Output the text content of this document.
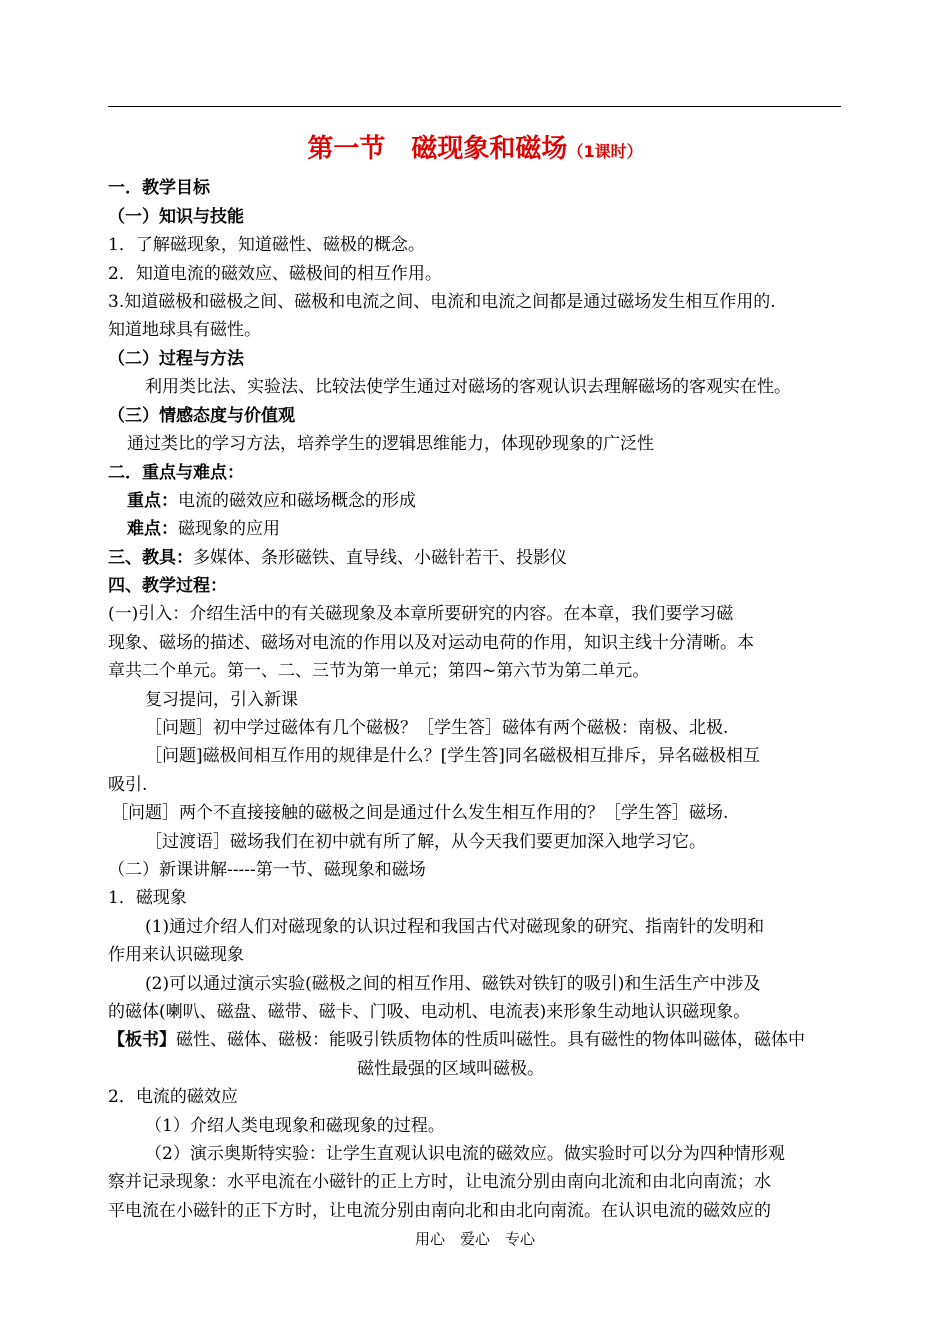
第一节　磁现象和磁场（1课时）
一．教学目标
（一）知识与技能
1．了解磁现象，知道磁性、磁极的概念。
2．知道电流的磁效应、磁极间的相互作用。
3.知道磁极和磁极之间、磁极和电流之间、电流和电流之间都是通过磁场发生相互作用的.
知道地球具有磁性。
（二）过程与方法
利用类比法、实验法、比较法使学生通过对磁场的客观认识去理解磁场的客观实在性。
（三）情感态度与价值观
通过类比的学习方法，培养学生的逻辑思维能力，体现砂现象的广泛性
二．重点与难点：
重点：电流的磁效应和磁场概念的形成
难点：磁现象的应用
三、教具：多媒体、条形磁铁、直导线、小磁针若干、投影仪
四、教学过程：
(一)引入：介绍生活中的有关磁现象及本章所要研究的内容。在本章，我们要学习磁
现象、磁场的描述、磁场对电流的作用以及对运动电荷的作用，知识主线十分清晰。本
章共二个单元。第一、二、三节为第一单元；第四~第六节为第二单元。
复习提问，引入新课
［问题］初中学过磁体有几个磁极？［学生答］磁体有两个磁极：南极、北极.
［问题]磁极间相互作用的规律是什么？[学生答]同名磁极相互排斥，异名磁极相互
吸引.
［问题］两个不直接接触的磁极之间是通过什么发生相互作用的？［学生答］磁场.
［过渡语］磁场我们在初中就有所了解，从今天我们要更加深入地学习它。
（二）新课讲解-----第一节、磁现象和磁场
1．磁现象
(1)通过介绍人们对磁现象的认识过程和我国古代对磁现象的研究、指南针的发明和
作用来认识磁现象
(2)可以通过演示实验(磁极之间的相互作用、磁铁对铁钉的吸引)和生活生产中涉及
的磁体(喇叭、磁盘、磁带、磁卡、门吸、电动机、电流表)来形象生动地认识磁现象。
【板书】磁性、磁体、磁极：能吸引铁质物体的性质叫磁性。具有磁性的物体叫磁体，磁体中
磁性最强的区域叫磁极。
2．电流的磁效应
（1）介绍人类电现象和磁现象的过程。
（2）演示奥斯特实验：让学生直观认识电流的磁效应。做实验时可以分为四种情形观
察并记录现象：水平电流在小磁针的正上方时，让电流分别由南向北流和由北向南流；水
平电流在小磁针的正下方时，让电流分别由南向北和由北向南流。在认识电流的磁效应的
用心　爱心　专心
